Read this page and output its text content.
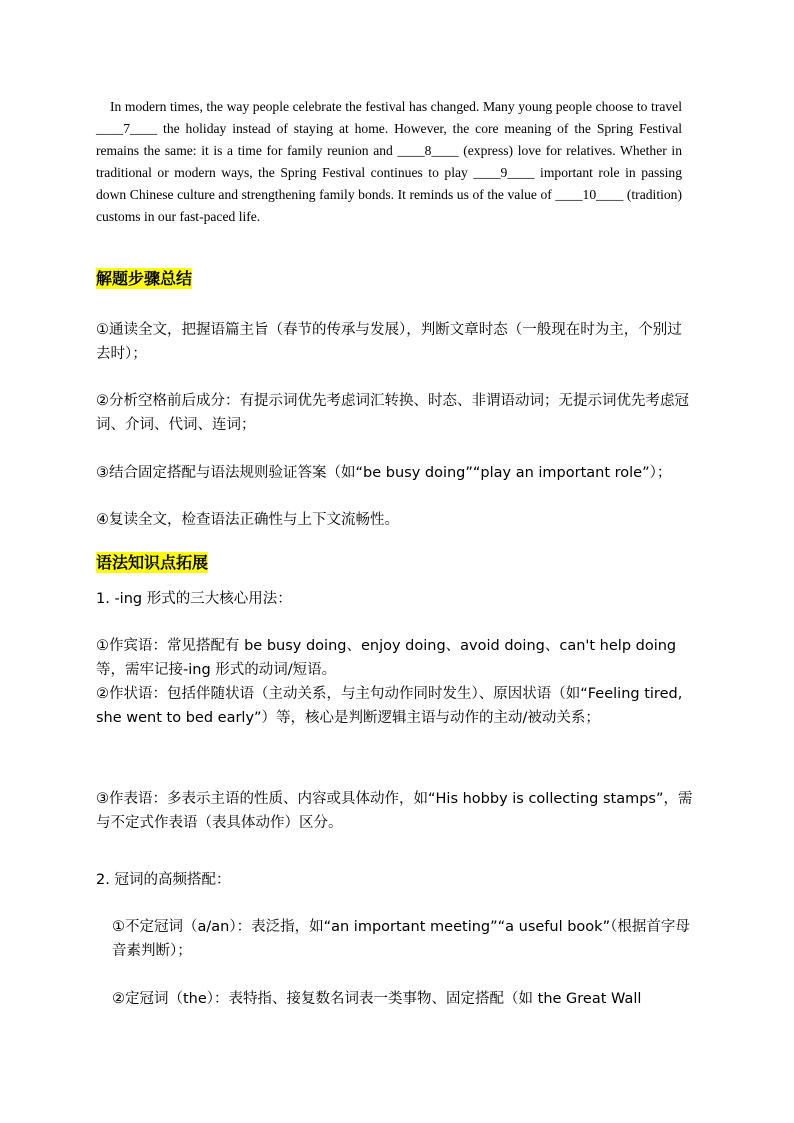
In modern times, the way people celebrate the festival has changed. Many young people choose to travel ____7____ the holiday instead of staying at home. However, the core meaning of the Spring Festival remains the same: it is a time for family reunion and ____8____ (express) love for relatives. Whether in traditional or modern ways, the Spring Festival continues to play ____9____ important role in passing down Chinese culture and strengthening family bonds. It reminds us of the value of ____10____ (tradition) customs in our fast-paced life.

解题步骤总结

①通读全文，把握语篇主旨（春节的传承与发展），判断文章时态（一般现在时为主，个别过去时）；

②分析空格前后成分：有提示词优先考虑词汇转换、时态、非谓语动词；无提示词优先考虑冠词、介词、代词、连词；

③结合固定搭配与语法规则验证答案（如“be busy doing”“play an important role”）；

④复读全文，检查语法正确性与上下文流畅性。

语法知识点拓展

1. -ing 形式的三大核心用法：

①作宾语：常见搭配有 be busy doing、enjoy doing、avoid doing、can't help doing 等，需牢记接-ing 形式的动词/短语。

②作状语：包括伴随状语（主动关系，与主句动作同时发生）、原因状语（如“Feeling tired, she went to bed early”）等，核心是判断逻辑主语与动作的主动/被动关系；

③作表语：多表示主语的性质、内容或具体动作，如“His hobby is collecting stamps”，需与不定式作表语（表具体动作）区分。

2. 冠词的高频搭配：

①不定冠词（a/an）：表泛指，如“an important meeting”“a useful book”（根据首字母音素判断）；

②定冠词（the）：表特指、接复数名词表一类事物、固定搭配（如 the Great Wall
